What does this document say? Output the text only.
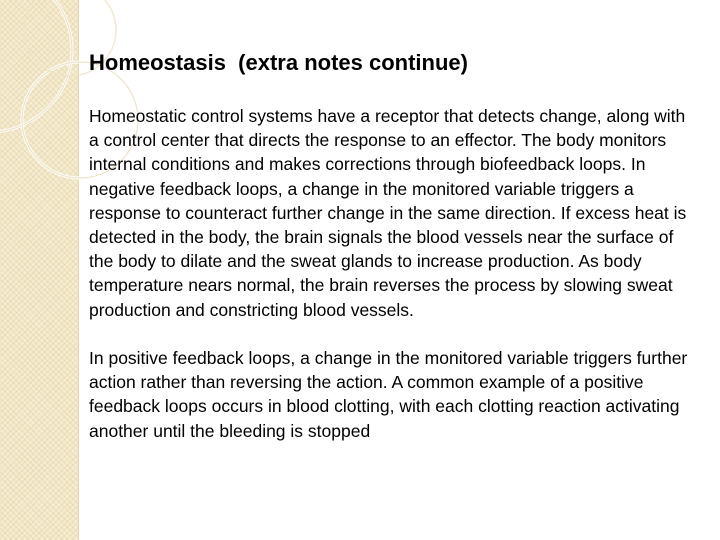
Homeostasis  (extra notes continue)

Homeostatic control systems have a receptor that detects change, along with a control center that directs the response to an effector. The body monitors internal conditions and makes corrections through biofeedback loops. In negative feedback loops, a change in the monitored variable triggers a response to counteract further change in the same direction. If excess heat is detected in the body, the brain signals the blood vessels near the surface of the body to dilate and the sweat glands to increase production. As body temperature nears normal, the brain reverses the process by slowing sweat production and constricting blood vessels.

In positive feedback loops, a change in the monitored variable triggers further action rather than reversing the action. A common example of a positive feedback loops occurs in blood clotting, with each clotting reaction activating another until the bleeding is stopped
